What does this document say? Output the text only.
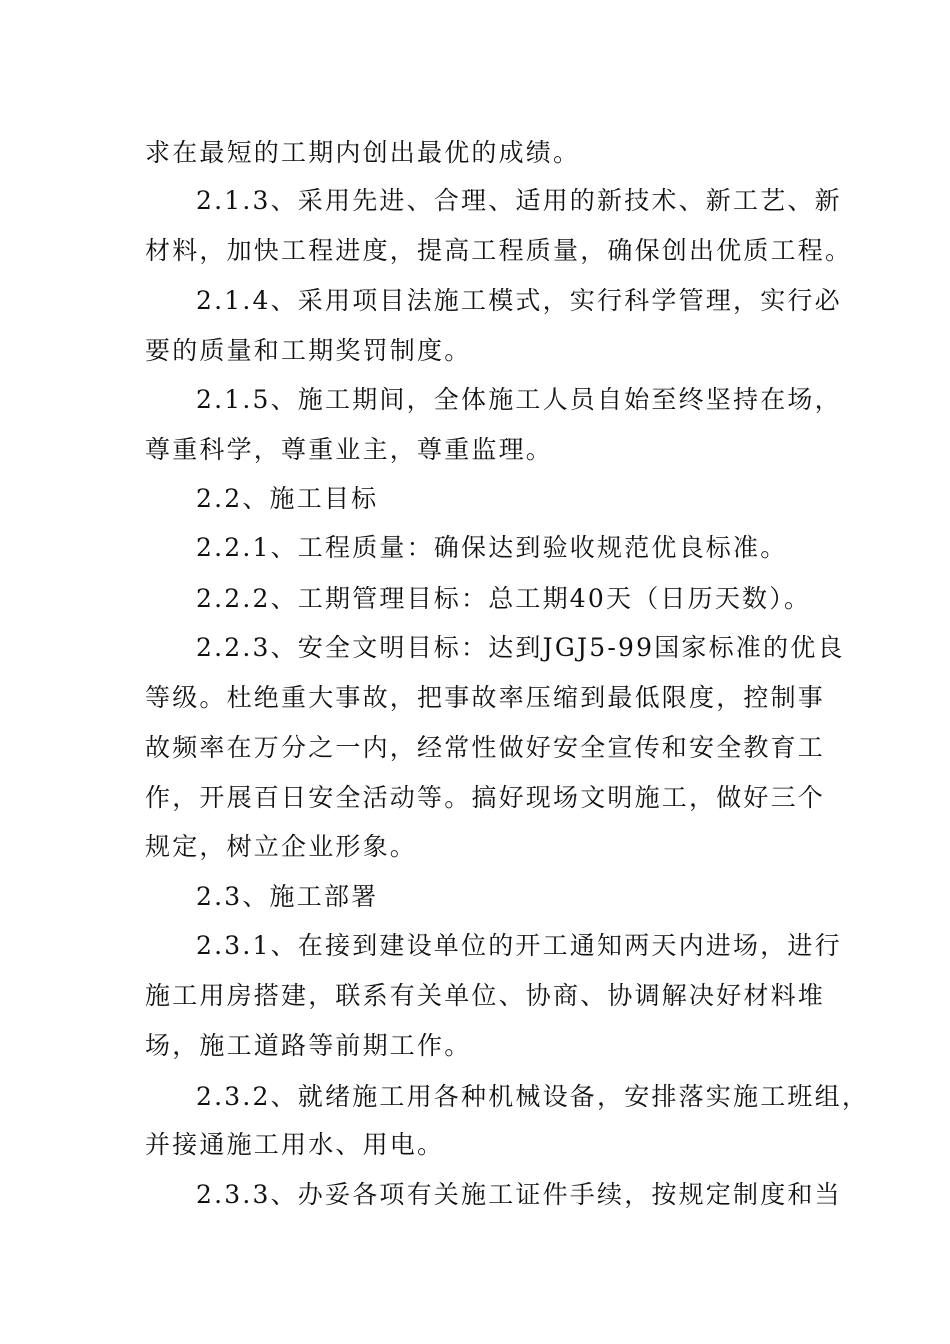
求在最短的工期内创出最优的成绩。
2.1.3、采用先进、合理、适用的新技术、新工艺、新
材料，加快工程进度，提高工程质量，确保创出优质工程。
2.1.4、采用项目法施工模式，实行科学管理，实行必
要的质量和工期奖罚制度。
2.1.5、施工期间，全体施工人员自始至终坚持在场，
尊重科学，尊重业主，尊重监理。
2.2、施工目标
2.2.1、工程质量：确保达到验收规范优良标准。
2.2.2、工期管理目标：总工期40天（日历天数）。
2.2.3、安全文明目标：达到JGJ5-99国家标准的优良
等级。杜绝重大事故，把事故率压缩到最低限度，控制事
故频率在万分之一内，经常性做好安全宣传和安全教育工
作，开展百日安全活动等。搞好现场文明施工，做好三个
规定，树立企业形象。
2.3、施工部署
2.3.1、在接到建设单位的开工通知两天内进场，进行
施工用房搭建，联系有关单位、协商、协调解决好材料堆
场，施工道路等前期工作。
2.3.2、就绪施工用各种机械设备，安排落实施工班组，
并接通施工用水、用电。
2.3.3、办妥各项有关施工证件手续，按规定制度和当
